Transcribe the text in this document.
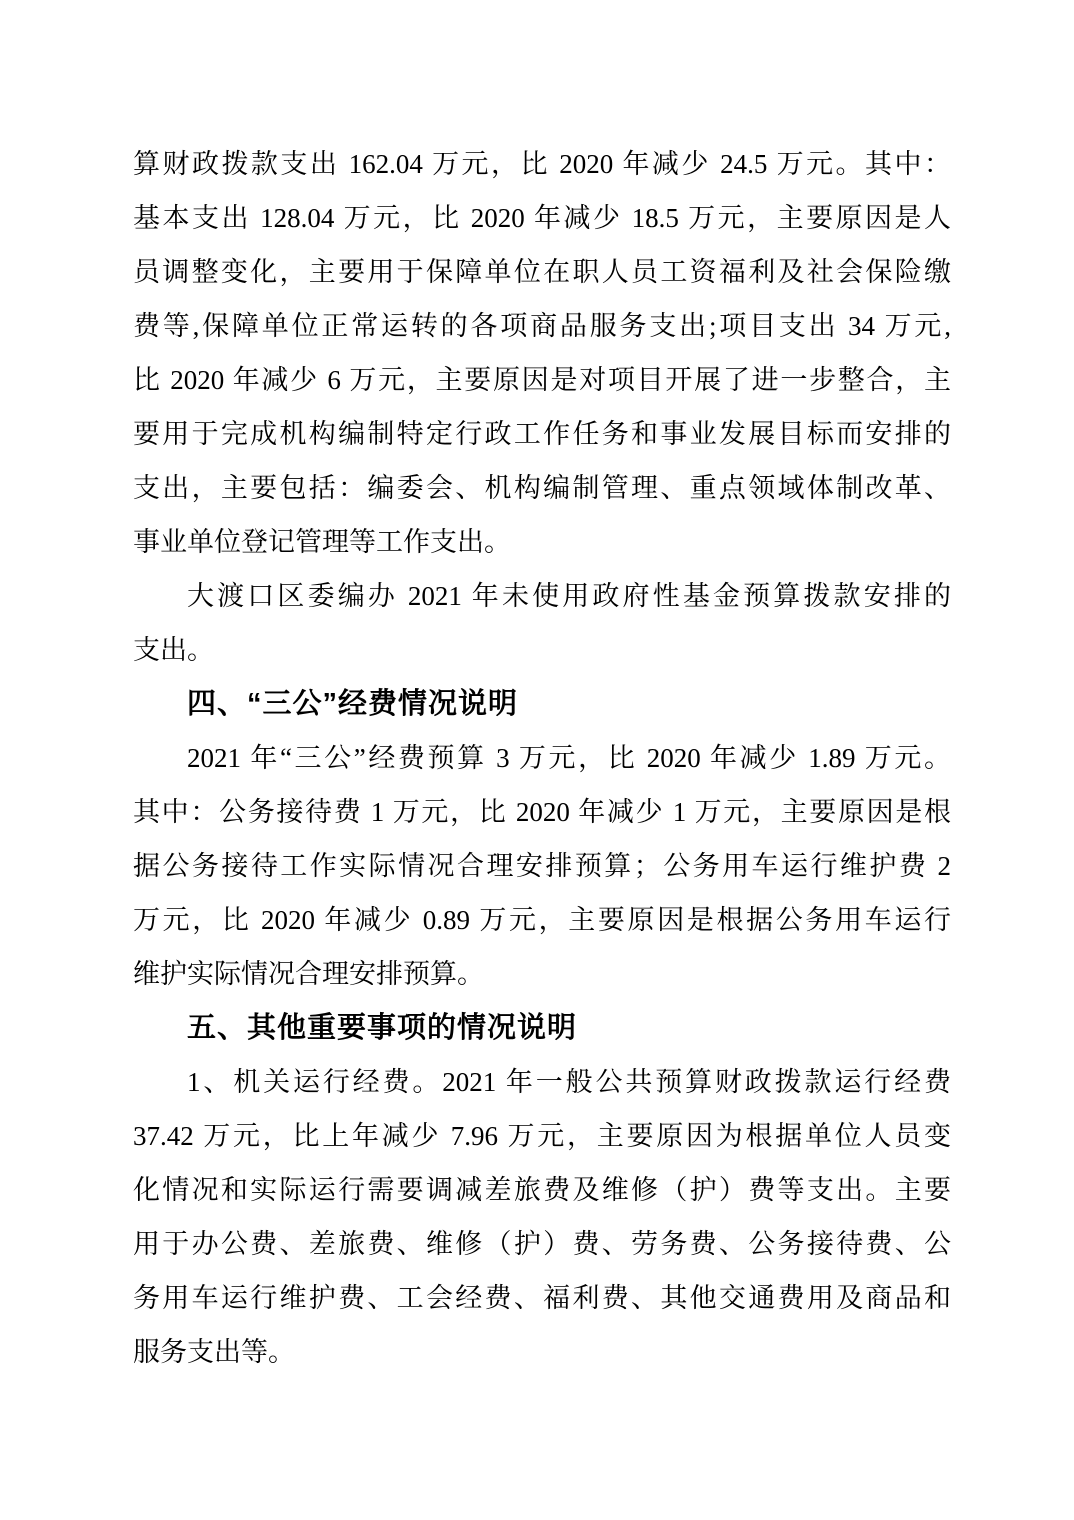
算财政拨款支出 162.04 万元，比 2020 年减少 24.5 万元。其中：
基本支出 128.04 万元，比 2020 年减少 18.5 万元，主要原因是人
员调整变化，主要用于保障单位在职人员工资福利及社会保险缴
费等,保障单位正常运转的各项商品服务支出;项目支出 34 万元,
比 2020 年减少 6 万元，主要原因是对项目开展了进一步整合，主
要用于完成机构编制特定行政工作任务和事业发展目标而安排的
支出，主要包括：编委会、机构编制管理、重点领域体制改革、
事业单位登记管理等工作支出。
大渡口区委编办 2021 年未使用政府性基金预算拨款安排的
支出。
四、“三公”经费情况说明
2021 年“三公”经费预算 3 万元，比 2020 年减少 1.89 万元。
其中：公务接待费 1 万元，比 2020 年减少 1 万元，主要原因是根
据公务接待工作实际情况合理安排预算；公务用车运行维护费 2
万元，比 2020 年减少 0.89 万元，主要原因是根据公务用车运行
维护实际情况合理安排预算。
五、其他重要事项的情况说明
1、机关运行经费。2021 年一般公共预算财政拨款运行经费
37.42 万元，比上年减少 7.96 万元，主要原因为根据单位人员变
化情况和实际运行需要调减差旅费及维修（护）费等支出。主要
用于办公费、差旅费、维修（护）费、劳务费、公务接待费、公
务用车运行维护费、工会经费、福利费、其他交通费用及商品和
服务支出等。
